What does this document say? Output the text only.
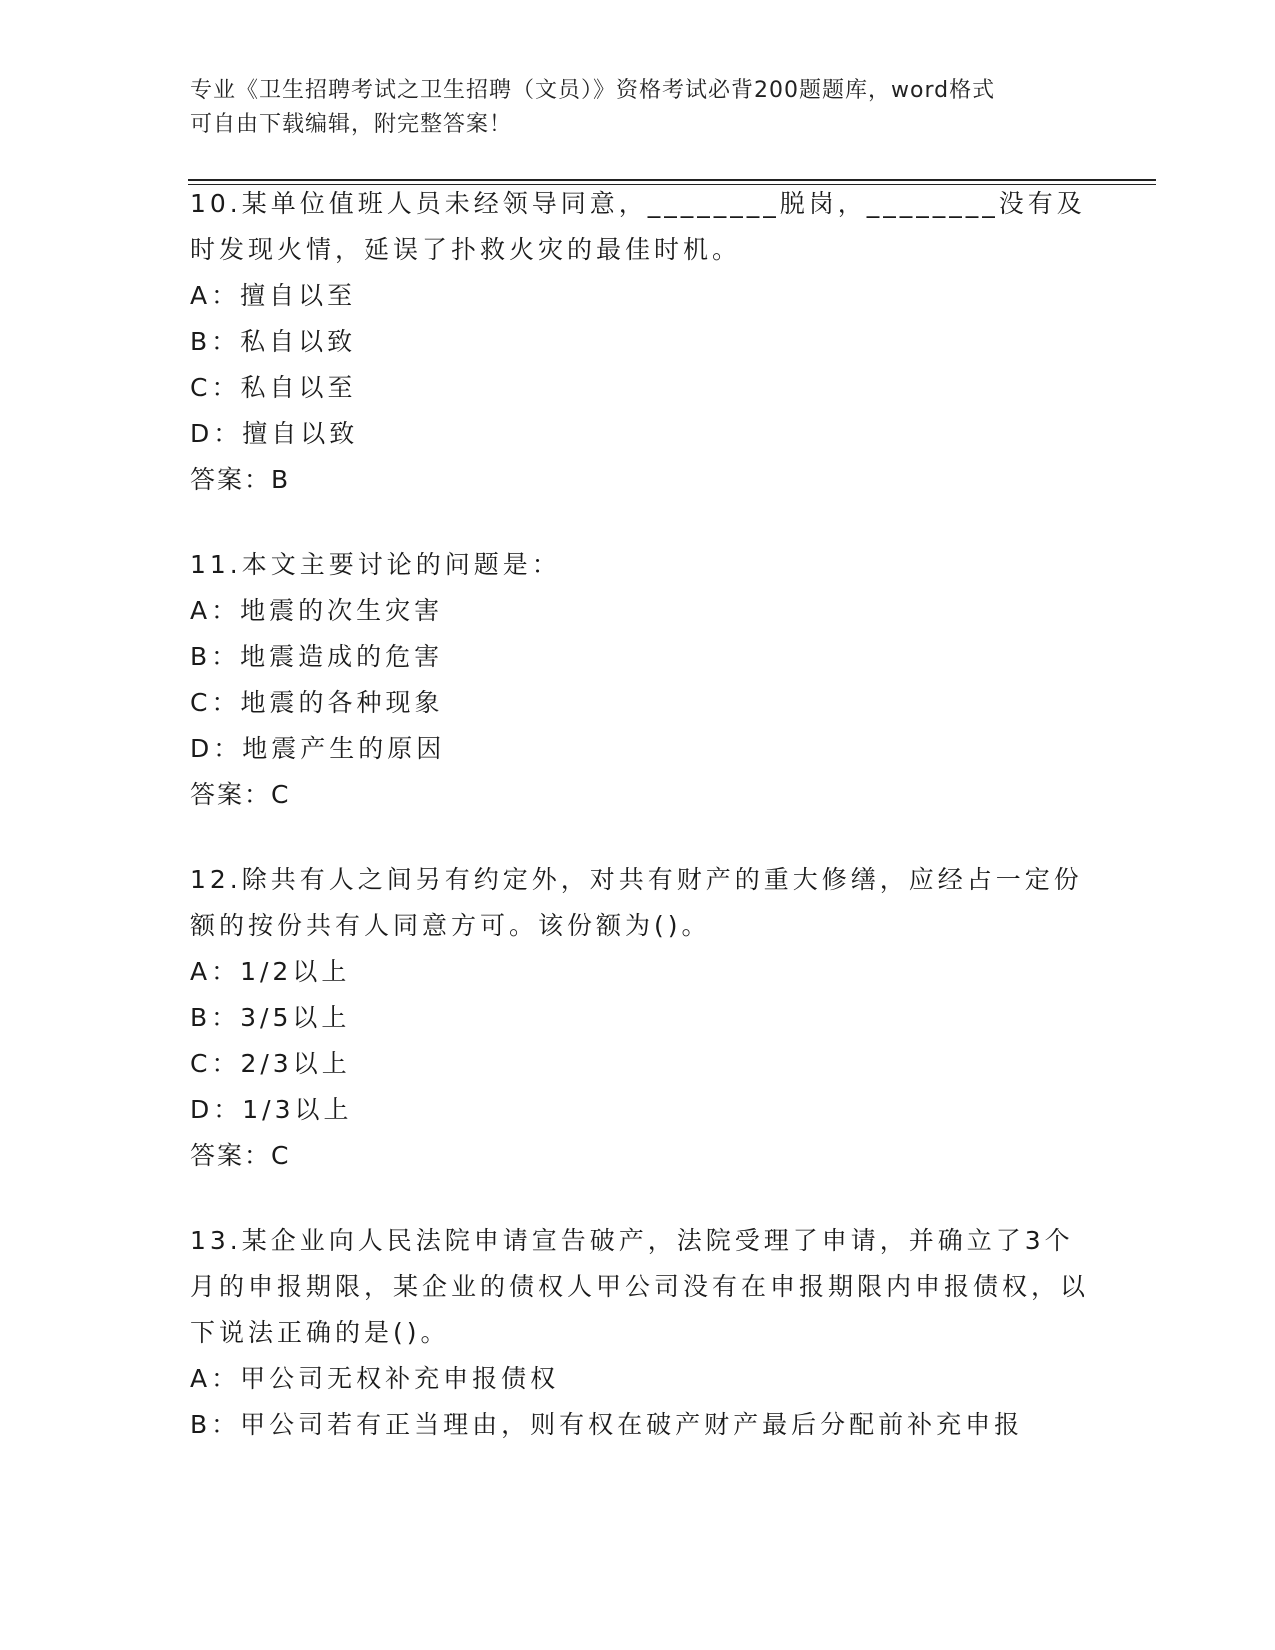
专业《卫生招聘考试之卫生招聘（文员）》资格考试必背200题题库，word格式
可自由下载编辑，附完整答案！

10.某单位值班人员未经领导同意，________脱岗，________没有及时发现火情，延误了扑救火灾的最佳时机。

A：擅自以至
B：私自以致
C：私自以至
D：擅自以致
答案：B

11.本文主要讨论的问题是：

A：地震的次生灾害
B：地震造成的危害
C：地震的各种现象
D：地震产生的原因
答案：C

12.除共有人之间另有约定外，对共有财产的重大修缮，应经占一定份额的按份共有人同意方可。该份额为()。

A：1/2以上
B：3/5以上
C：2/3以上
D：1/3以上
答案：C

13.某企业向人民法院申请宣告破产，法院受理了申请，并确立了3个月的申报期限，某企业的债权人甲公司没有在申报期限内申报债权，以下说法正确的是()。

A：甲公司无权补充申报债权
B：甲公司若有正当理由，则有权在破产财产最后分配前补充申报
